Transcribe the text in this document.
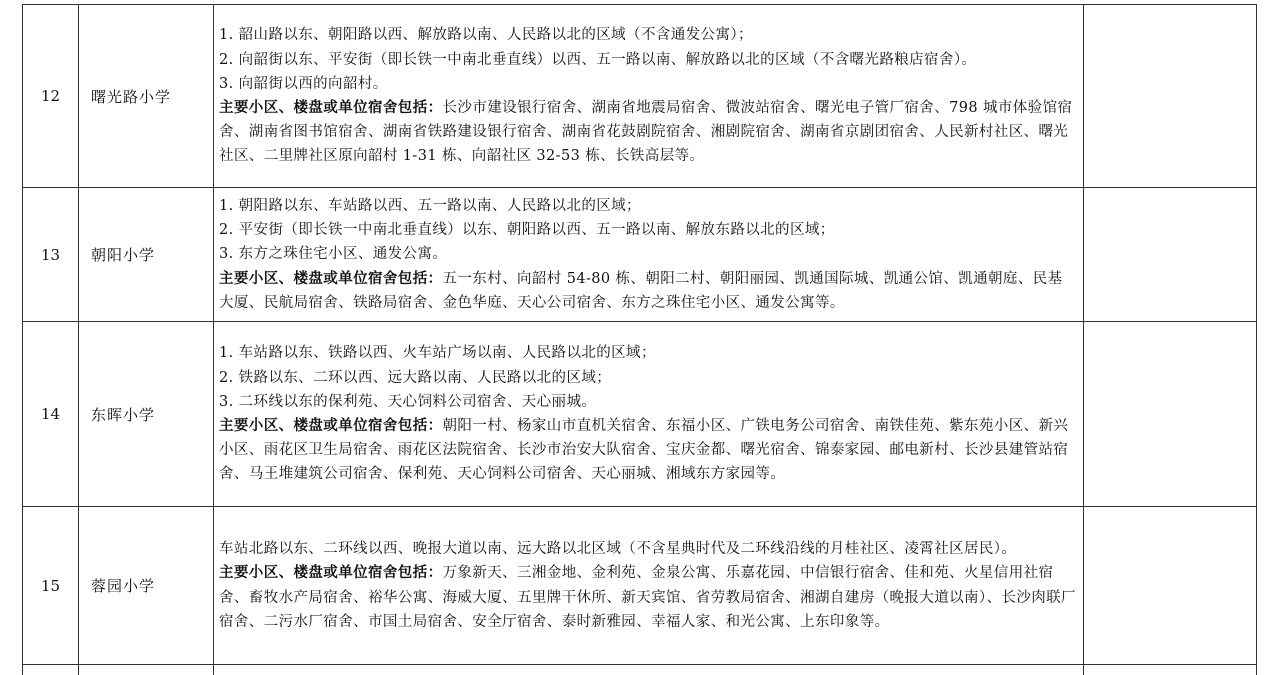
12	曙光路小学	1. 韶山路以东、朝阳路以西、解放路以南、人民路以北的区域（不含通发公寓）；
2. 向韶街以东、平安街（即长铁一中南北垂直线）以西、五一路以南、解放路以北的区域（不含曙光路粮店宿舍）。
3. 向韶街以西的向韶村。
主要小区、楼盘或单位宿舍包括：长沙市建设银行宿舍、湖南省地震局宿舍、微波站宿舍、曙光电子管厂宿舍、798 城市体验馆宿舍、湖南省图书馆宿舍、湖南省铁路建设银行宿舍、湖南省花鼓剧院宿舍、湘剧院宿舍、湖南省京剧团宿舍、人民新村社区、曙光社区、二里牌社区原向韶村 1-31 栋、向韶社区 32-53 栋、长铁高层等。	

13	朝阳小学	1. 朝阳路以东、车站路以西、五一路以南、人民路以北的区域；
2. 平安街（即长铁一中南北垂直线）以东、朝阳路以西、五一路以南、解放东路以北的区域；
3. 东方之珠住宅小区、通发公寓。
主要小区、楼盘或单位宿舍包括：五一东村、向韶村 54-80 栋、朝阳二村、朝阳丽园、凯通国际城、凯通公馆、凯通朝庭、民基大厦、民航局宿舍、铁路局宿舍、金色华庭、天心公司宿舍、东方之珠住宅小区、通发公寓等。	

14	东晖小学	1. 车站路以东、铁路以西、火车站广场以南、人民路以北的区域；
2. 铁路以东、二环以西、远大路以南、人民路以北的区域；
3. 二环线以东的保利苑、天心饲料公司宿舍、天心丽城。
主要小区、楼盘或单位宿舍包括：朝阳一村、杨家山市直机关宿舍、东福小区、广铁电务公司宿舍、南铁佳苑、紫东苑小区、新兴小区、雨花区卫生局宿舍、雨花区法院宿舍、长沙市治安大队宿舍、宝庆金都、曙光宿舍、锦泰家园、邮电新村、长沙县建管站宿舍、马王堆建筑公司宿舍、保利苑、天心饲料公司宿舍、天心丽城、湘域东方家园等。	

15	蓉园小学	车站北路以东、二环线以西、晚报大道以南、远大路以北区域（不含星典时代及二环线沿线的月桂社区、凌霄社区居民）。
主要小区、楼盘或单位宿舍包括：万象新天、三湘金地、金利苑、金泉公寓、乐嘉花园、中信银行宿舍、佳和苑、火星信用社宿舍、畜牧水产局宿舍、裕华公寓、海威大厦、五里牌干休所、新天宾馆、省劳教局宿舍、湘湖自建房（晚报大道以南）、长沙肉联厂宿舍、二污水厂宿舍、市国土局宿舍、安全厅宿舍、泰时新雅园、幸福人家、和光公寓、上东印象等。	
